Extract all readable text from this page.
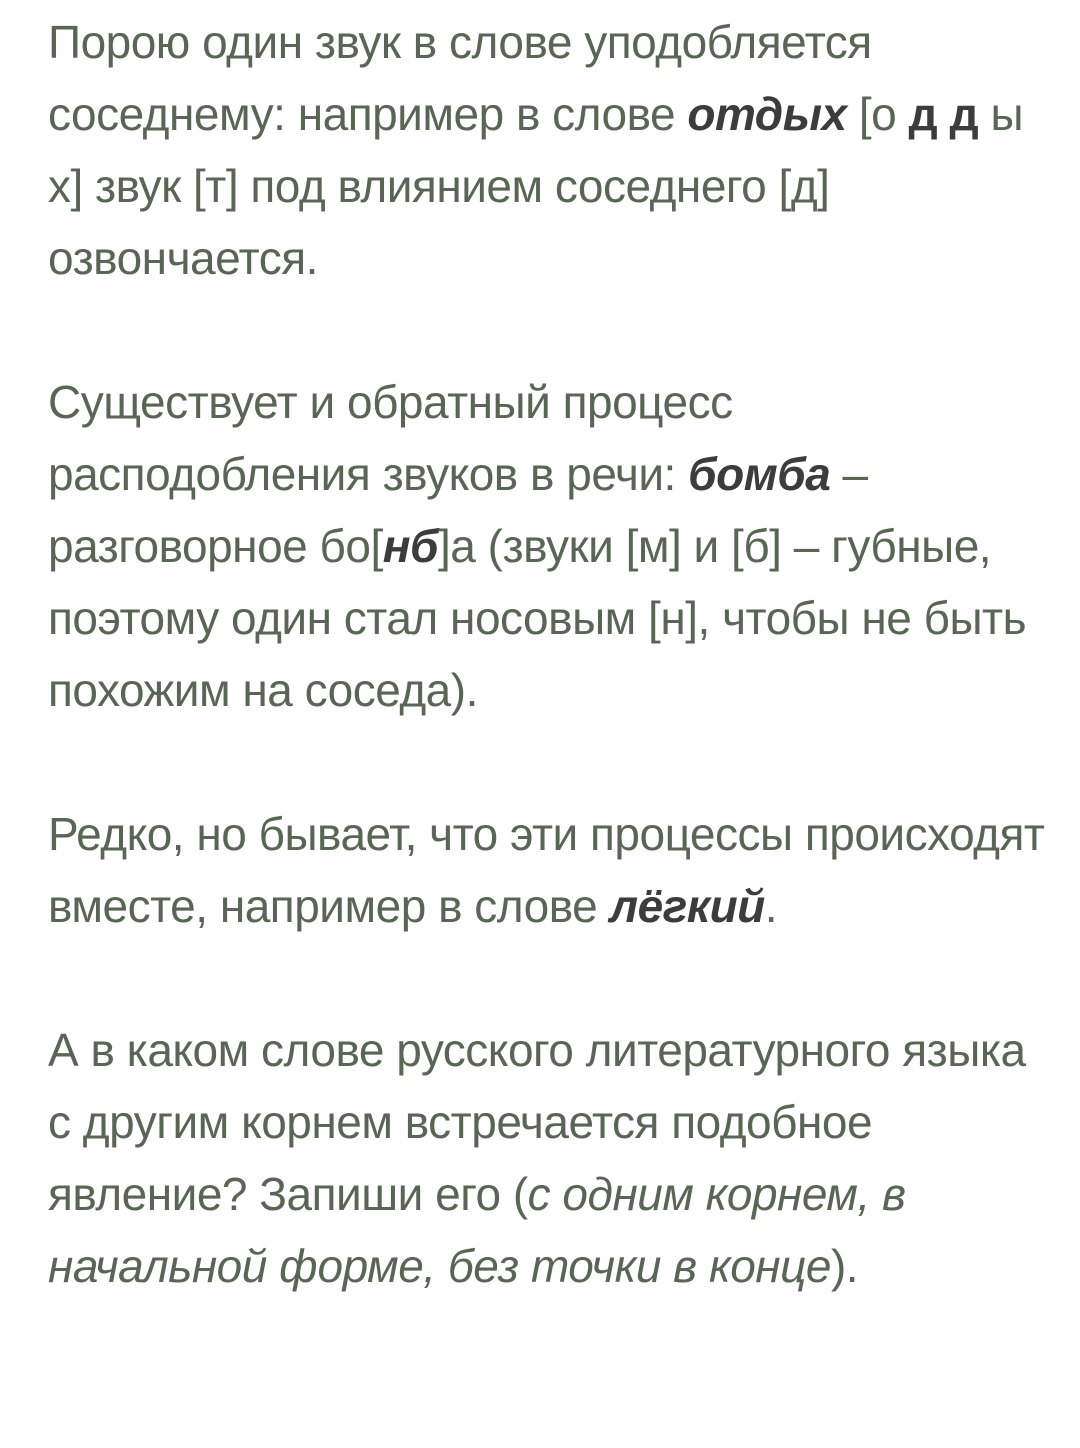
Порою один звук в слове уподобляется соседнему: например в слове отдых [о д д ы х] звук [т] под влиянием соседнего [д] озвончается.

Существует и обратный процесс расподобления звуков в речи: бомба – разговорное бо[нб]а (звуки [м] и [б] – губные, поэтому один стал носовым [н], чтобы не быть похожим на соседа).

Редко, но бывает, что эти процессы происходят вместе, например в слове лёгкий.

А в каком слове русского литературного языка с другим корнем встречается подобное явление? Запиши его (с одним корнем, в начальной форме, без точки в конце).
